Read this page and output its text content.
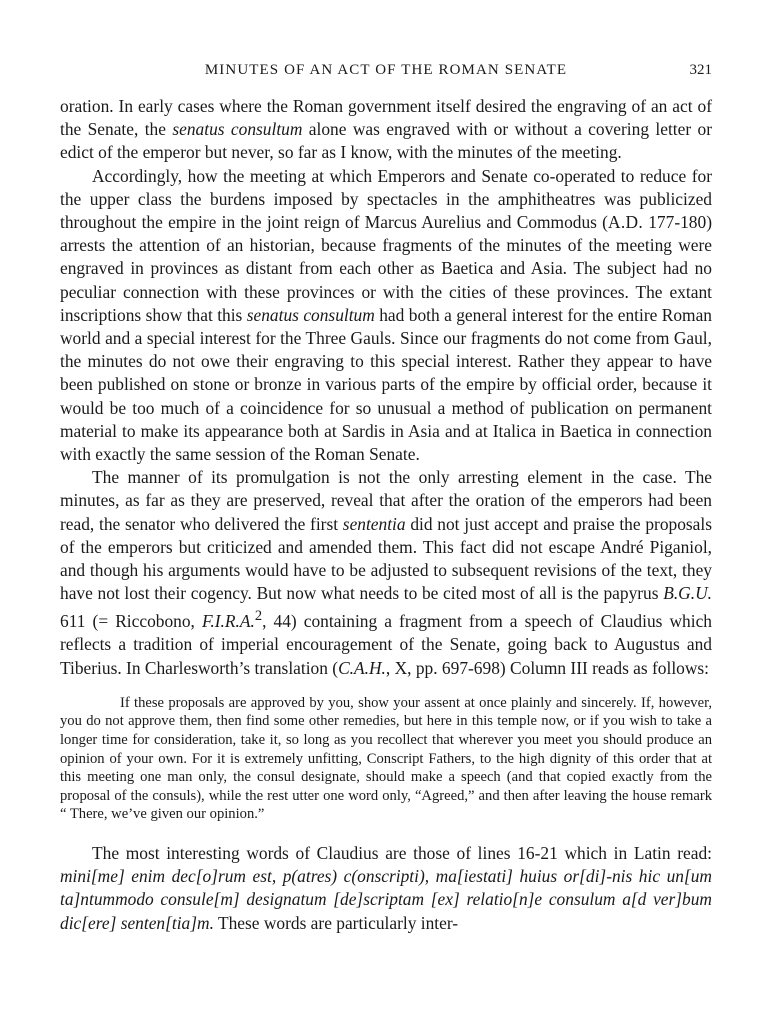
MINUTES OF AN ACT OF THE ROMAN SENATE	321

oration. In early cases where the Roman government itself desired the engraving of an act of the Senate, the senatus consultum alone was engraved with or without a covering letter or edict of the emperor but never, so far as I know, with the minutes of the meeting.

Accordingly, how the meeting at which Emperors and Senate co-operated to reduce for the upper class the burdens imposed by spectacles in the amphitheatres was publicized throughout the empire in the joint reign of Marcus Aurelius and Commodus (A.D. 177-180) arrests the attention of an historian, because fragments of the minutes of the meeting were engraved in provinces as distant from each other as Baetica and Asia. The subject had no peculiar connection with these provinces or with the cities of these provinces. The extant inscriptions show that this senatus consultum had both a general interest for the entire Roman world and a special interest for the Three Gauls. Since our fragments do not come from Gaul, the minutes do not owe their engraving to this special interest. Rather they appear to have been published on stone or bronze in various parts of the empire by official order, because it would be too much of a coincidence for so unusual a method of publication on permanent material to make its appearance both at Sardis in Asia and at Italica in Baetica in connection with exactly the same session of the Roman Senate.

The manner of its promulgation is not the only arresting element in the case. The minutes, as far as they are preserved, reveal that after the oration of the emperors had been read, the senator who delivered the first sententia did not just accept and praise the proposals of the emperors but criticized and amended them. This fact did not escape André Piganiol, and though his arguments would have to be adjusted to subsequent revisions of the text, they have not lost their cogency. But now what needs to be cited most of all is the papyrus B.G.U. 611 (= Riccobono, F.I.R.A.$^2$, 44) containing a fragment from a speech of Claudius which reflects a tradition of imperial encouragement of the Senate, going back to Augustus and Tiberius. In Charlesworth’s translation (C.A.H., X, pp. 697-698) Column III reads as follows:

If these proposals are approved by you, show your assent at once plainly and sincerely. If, however, you do not approve them, then find some other remedies, but here in this temple now, or if you wish to take a longer time for consideration, take it, so long as you recollect that wherever you meet you should produce an opinion of your own. For it is extremely unfitting, Conscript Fathers, to the high dignity of this order that at this meeting one man only, the consul designate, should make a speech (and that copied exactly from the proposal of the consuls), while the rest utter one word only, “Agreed,” and then after leaving the house remark “ There, we’ve given our opinion.”

The most interesting words of Claudius are those of lines 16-21 which in Latin read: mini[me] enim dec[o]rum est, p(atres) c(onscripti), ma[iestati] huius or[di]-nis hic un[um ta]ntummodo consule[m] designatum [de]scriptam [ex] relatio[n]e consulum a[d ver]bum dic[ere] senten[tia]m. These words are particularly inter-
